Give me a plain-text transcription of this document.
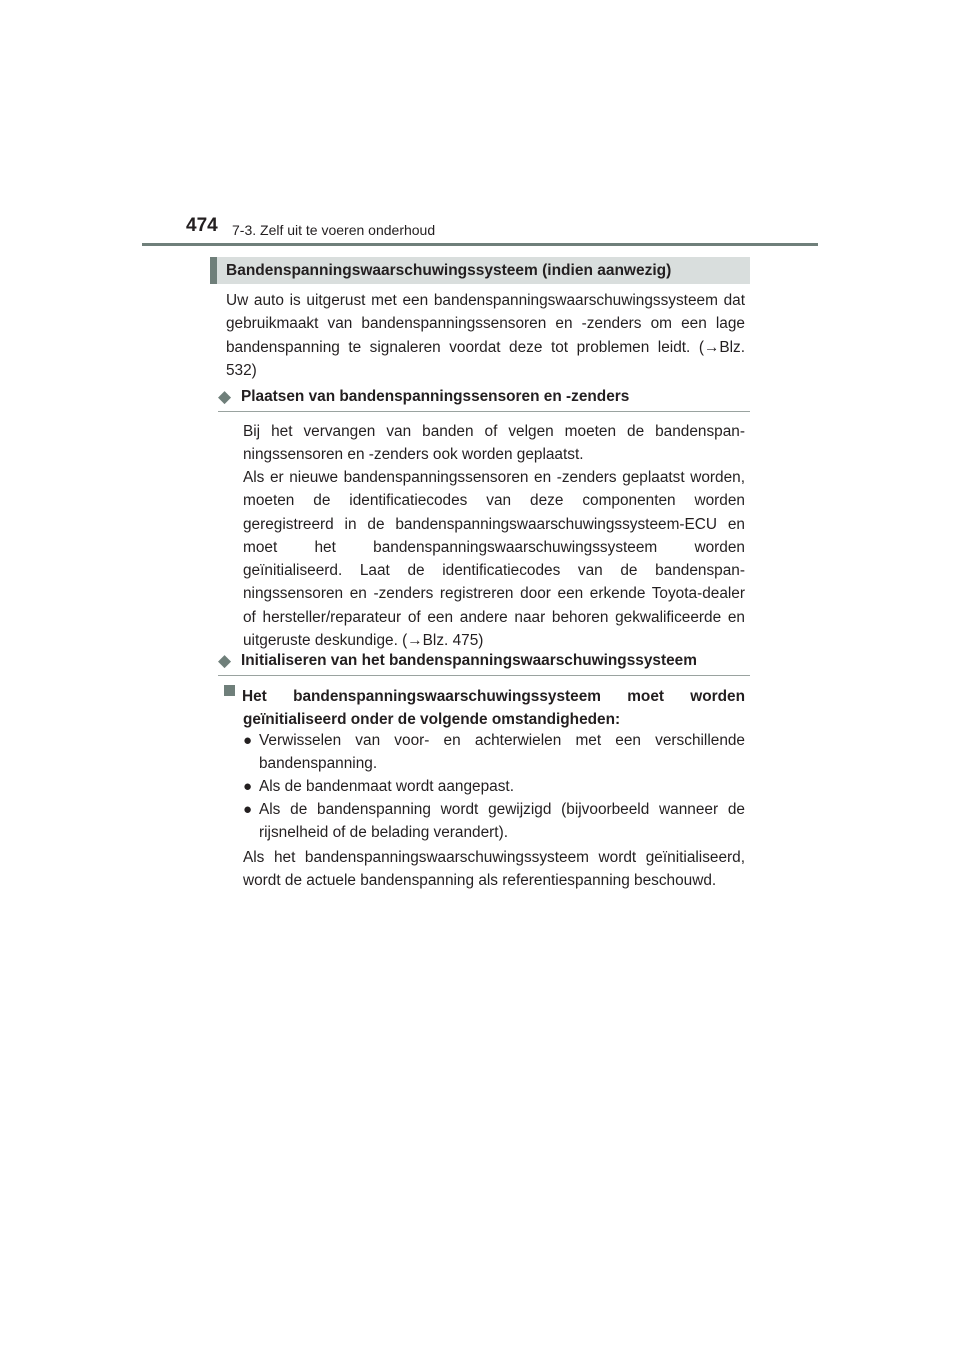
474 7-3. Zelf uit te voeren onderhoud
Bandenspanningswaarschuwingssysteem (indien aanwezig)

Uw auto is uitgerust met een bandenspanningswaarschuwingssysteem dat gebruikmaakt van bandenspanningssensoren en -zenders om een lage bandenspanning te signaleren voordat deze tot problemen leidt. (→Blz. 532)

◆ Plaatsen van bandenspanningssensoren en -zenders

Bij het vervangen van banden of velgen moeten de bandenspanningssensoren en -zenders ook worden geplaatst.

Als er nieuwe bandenspanningssensoren en -zenders geplaatst worden, moeten de identificatiecodes van deze componenten worden geregistreerd in de bandenspanningswaarschuwingssysteem-ECU en moet het bandenspanningswaarschuwingssysteem worden geïnitialiseerd. Laat de identificatiecodes van de bandenspanningssensoren en -zenders registreren door een erkende Toyota-dealer of hersteller/reparateur of een andere naar behoren gekwalificeerde en uitgeruste deskundige. (→Blz. 475)

◆ Initialiseren van het bandenspanningswaarschuwingssysteem
Het bandenspanningswaarschuwingssysteem moet worden
geïnitialiseerd onder de volgende omstandigheden:
● Verwisselen van voor- en achterwielen met een verschillende bandenspanning.
● Als de bandenmaat wordt aangepast.
● Als de bandenspanning wordt gewijzigd (bijvoorbeeld wanneer de rijsnelheid of de belading verandert).

Als het bandenspanningswaarschuwingssysteem wordt geïnitialiseerd, wordt de actuele bandenspanning als referentiespanning beschouwd.
